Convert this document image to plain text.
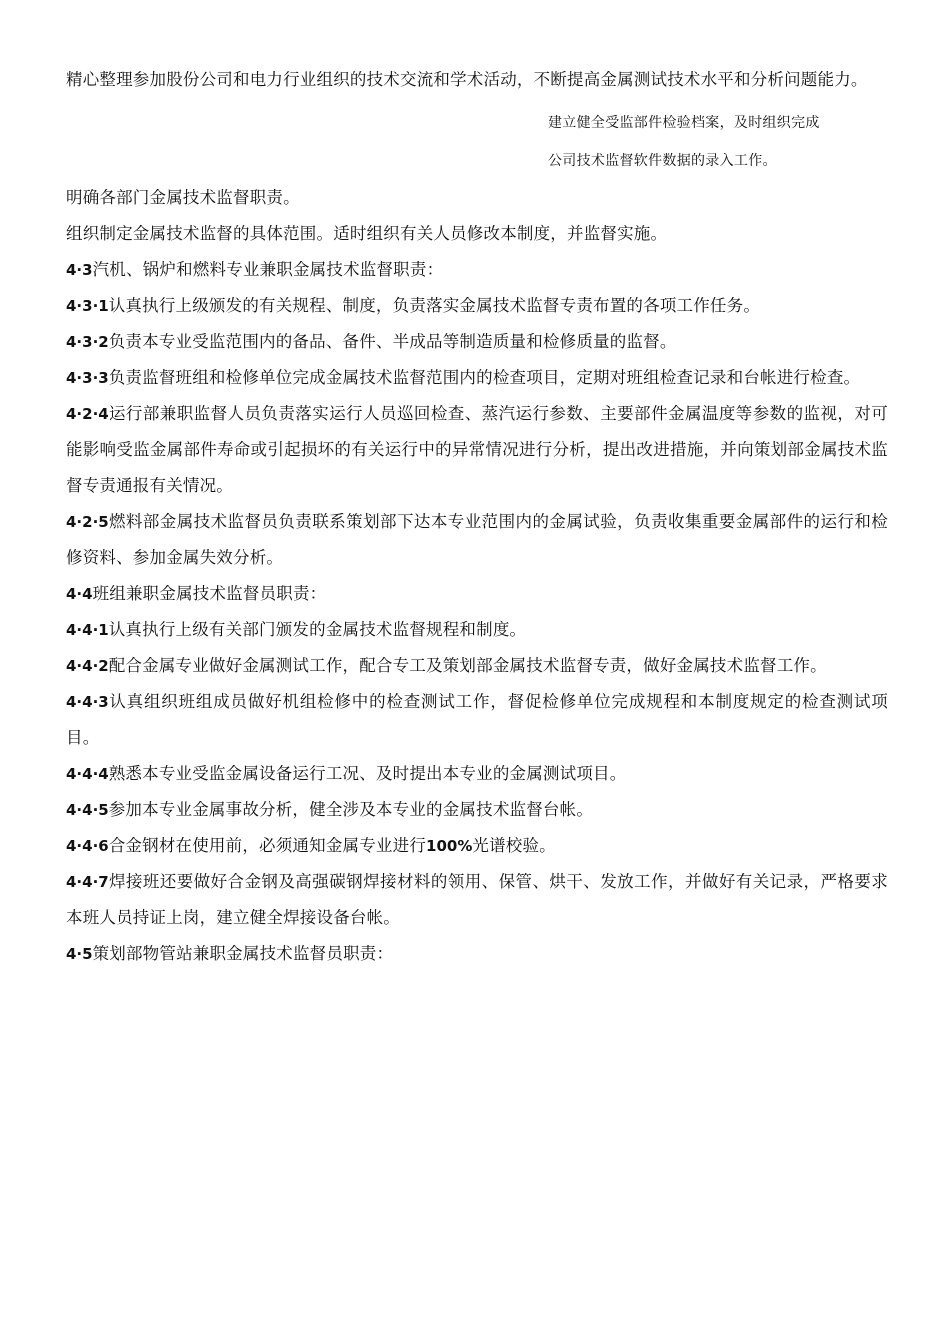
精心整理参加股份公司和电力行业组织的技术交流和学术活动，不断提高金属测试技术水平和分析问题能力。

建立健全受监部件检验档案，及时组织完成

公司技术监督软件数据的录入工作。

明确各部门金属技术监督职责。

组织制定金属技术监督的具体范围。适时组织有关人员修改本制度，并监督实施。

4·3汽机、锅炉和燃料专业兼职金属技术监督职责：

4·3·1认真执行上级颁发的有关规程、制度，负责落实金属技术监督专责布置的各项工作任务。

4·3·2负责本专业受监范围内的备品、备件、半成品等制造质量和检修质量的监督。

4·3·3负责监督班组和检修单位完成金属技术监督范围内的检查项目，定期对班组检查记录和台帐进行检查。

4·2·4运行部兼职监督人员负责落实运行人员巡回检查、蒸汽运行参数、主要部件金属温度等参数的监视，对可能影响受监金属部件寿命或引起损坏的有关运行中的异常情况进行分析，提出改进措施，并向策划部金属技术监督专责通报有关情况。

4·2·5燃料部金属技术监督员负责联系策划部下达本专业范围内的金属试验，负责收集重要金属部件的运行和检修资料、参加金属失效分析。

4·4班组兼职金属技术监督员职责：

4·4·1认真执行上级有关部门颁发的金属技术监督规程和制度。

4·4·2配合金属专业做好金属测试工作，配合专工及策划部金属技术监督专责，做好金属技术监督工作。

4·4·3认真组织班组成员做好机组检修中的检查测试工作，督促检修单位完成规程和本制度规定的检查测试项目。

4·4·4熟悉本专业受监金属设备运行工况、及时提出本专业的金属测试项目。

4·4·5参加本专业金属事故分析，健全涉及本专业的金属技术监督台帐。

4·4·6合金钢材在使用前，必须通知金属专业进行100%光谱校验。

4·4·7焊接班还要做好合金钢及高强碳钢焊接材料的领用、保管、烘干、发放工作，并做好有关记录，严格要求本班人员持证上岗，建立健全焊接设备台帐。

4·5策划部物管站兼职金属技术监督员职责：
